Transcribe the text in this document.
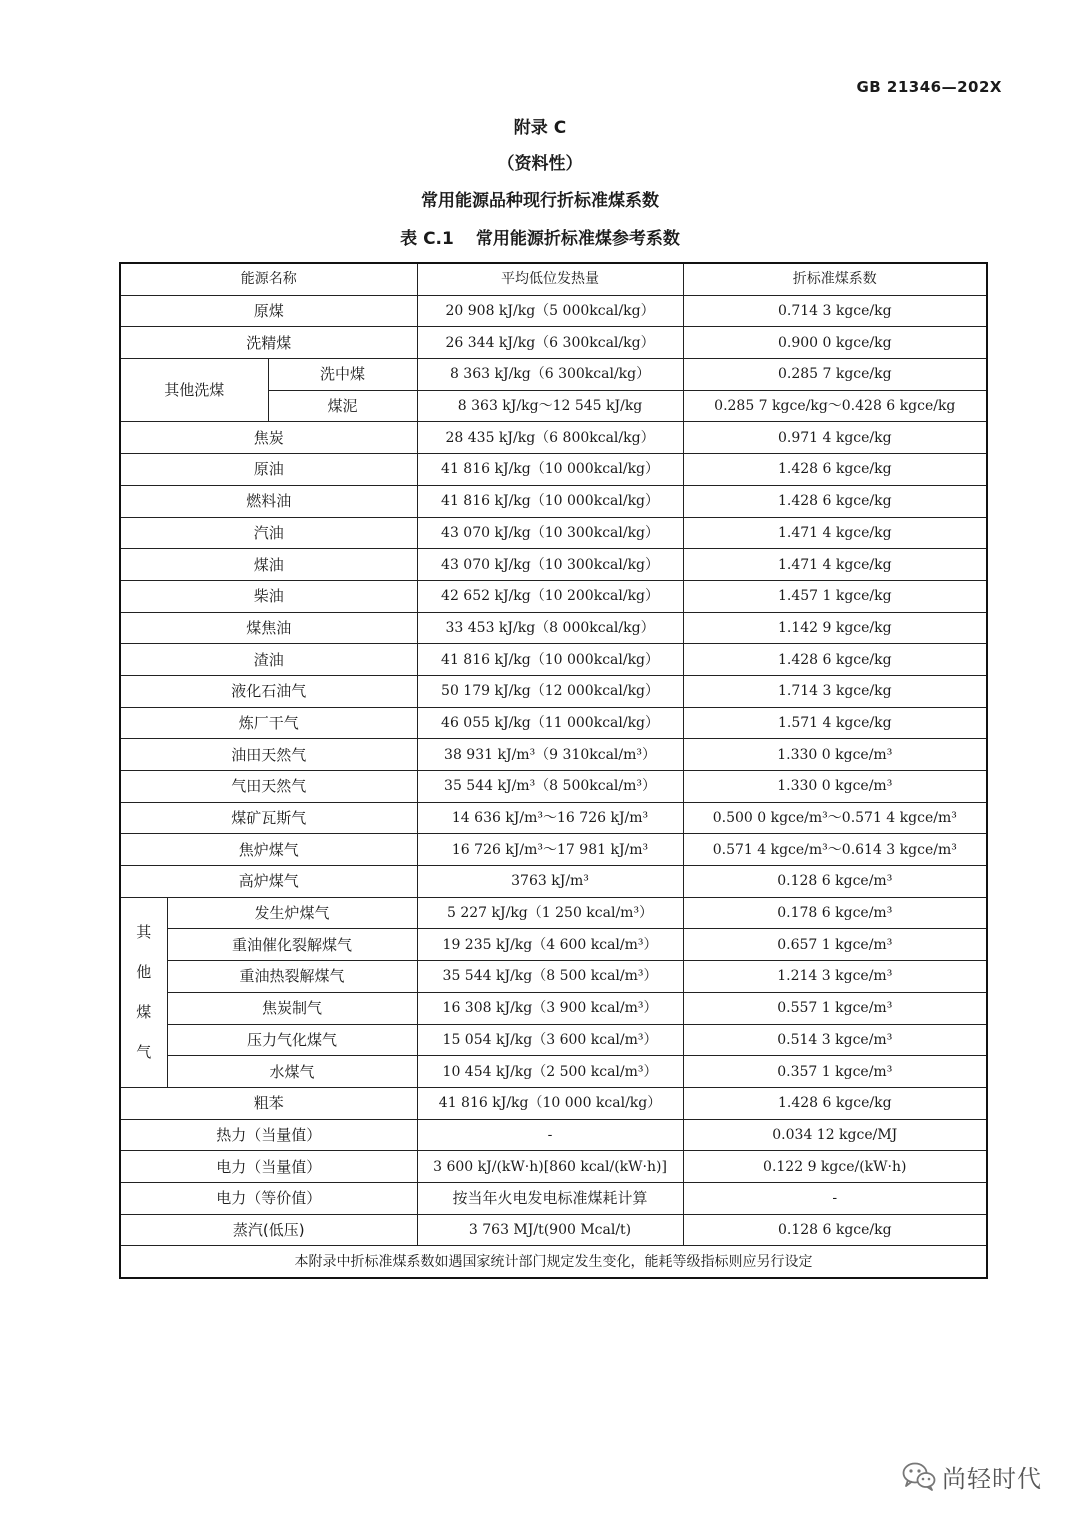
GB 21346—202X
附录 C
（资料性）
常用能源品种现行折标准煤系数
表 C.1 常用能源折标准煤参考系数
能源名称			平均低位发热量	折标准煤系数
原煤			20 908 kJ/kg（5 000kcal/kg）	0.714 3 kgce/kg
洗精煤			26 344 kJ/kg（6 300kcal/kg）	0.900 0 kgce/kg
其他洗煤		洗中煤	8 363 kJ/kg（6 300kcal/kg）	0.285 7 kgce/kg
		煤泥	8 363 kJ/kg～12 545 kJ/kg	0.285 7 kgce/kg～0.428 6 kgce/kg
焦炭			28 435 kJ/kg（6 800kcal/kg）	0.971 4 kgce/kg
原油			41 816 kJ/kg（10 000kcal/kg）	1.428 6 kgce/kg
燃料油			41 816 kJ/kg（10 000kcal/kg）	1.428 6 kgce/kg
汽油			43 070 kJ/kg（10 300kcal/kg）	1.471 4 kgce/kg
煤油			43 070 kJ/kg（10 300kcal/kg）	1.471 4 kgce/kg
柴油			42 652 kJ/kg（10 200kcal/kg）	1.457 1 kgce/kg
煤焦油			33 453 kJ/kg（8 000kcal/kg）	1.142 9 kgce/kg
渣油			41 816 kJ/kg（10 000kcal/kg）	1.428 6 kgce/kg
液化石油气			50 179 kJ/kg（12 000kcal/kg）	1.714 3 kgce/kg
炼厂干气			46 055 kJ/kg（11 000kcal/kg）	1.571 4 kgce/kg
油田天然气			38 931 kJ/m³（9 310kcal/m³）	1.330 0 kgce/m³
气田天然气			35 544 kJ/m³（8 500kcal/m³）	1.330 0 kgce/m³
煤矿瓦斯气			14 636 kJ/m³～16 726 kJ/m³	0.500 0 kgce/m³～0.571 4 kgce/m³
焦炉煤气			16 726 kJ/m³～17 981 kJ/m³	0.571 4 kgce/m³～0.614 3 kgce/m³
高炉煤气			3763 kJ/m³	0.128 6 kgce/m³
其他煤气	发生炉煤气		5 227 kJ/kg（1 250 kcal/m³）	0.178 6 kgce/m³
	重油催化裂解煤气		19 235 kJ/kg（4 600 kcal/m³）	0.657 1 kgce/m³
	重油热裂解煤气		35 544 kJ/kg（8 500 kcal/m³）	1.214 3 kgce/m³
	焦炭制气		16 308 kJ/kg（3 900 kcal/m³）	0.557 1 kgce/m³
	压力气化煤气		15 054 kJ/kg（3 600 kcal/m³）	0.514 3 kgce/m³
	水煤气		10 454 kJ/kg（2 500 kcal/m³）	0.357 1 kgce/m³
粗苯			41 816 kJ/kg（10 000 kcal/kg）	1.428 6 kgce/kg
热力（当量值）			-	0.034 12 kgce/MJ
电力（当量值）			3 600 kJ/(kW·h)[860 kcal/(kW·h)]	0.122 9 kgce/(kW·h)
电力（等价值）			按当年火电发电标准煤耗计算	-
蒸汽(低压)			3 763 MJ/t(900 Mcal/t)	0.128 6 kgce/kg
本附录中折标准煤系数如遇国家统计部门规定发生变化，能耗等级指标则应另行设定				
尚轻时代
